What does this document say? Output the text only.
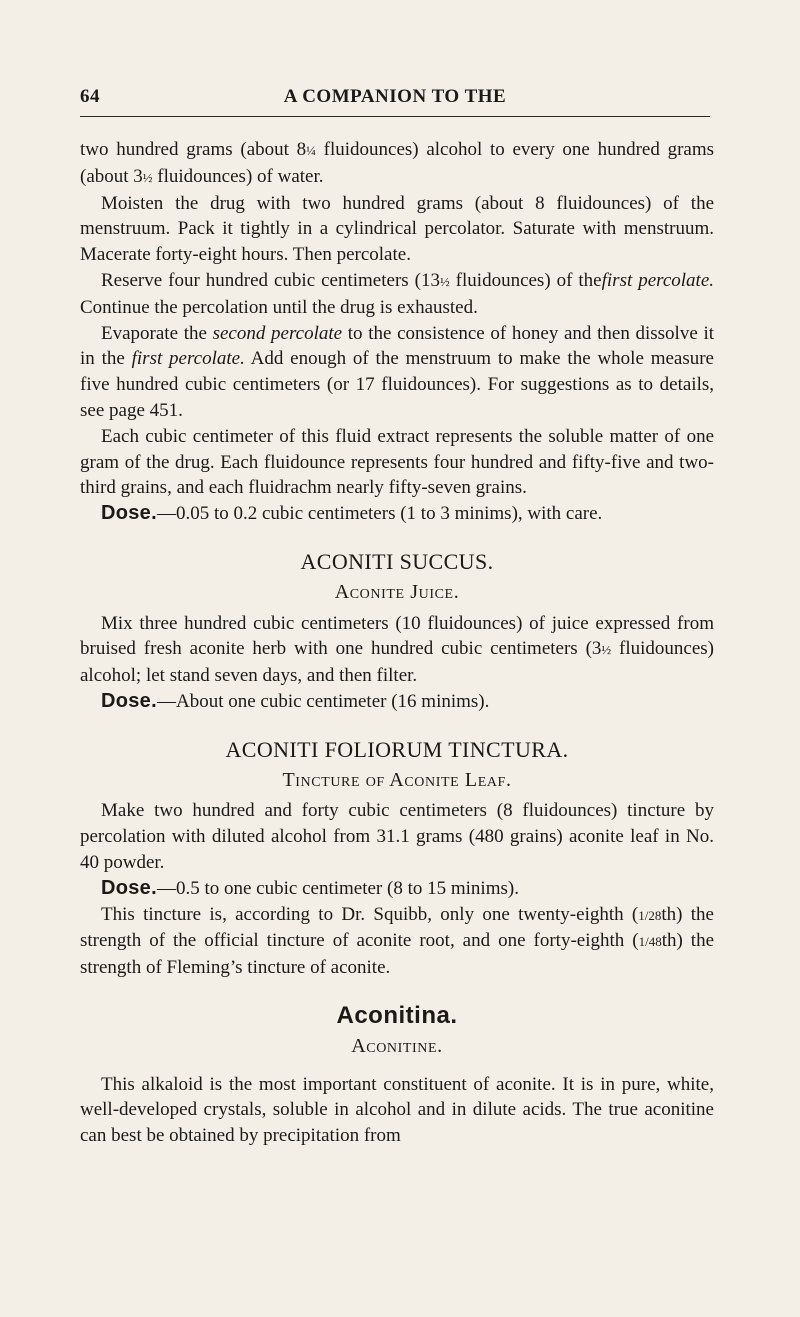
64	A COMPANION TO THE

two hundred grams (about 8¼ fluidounces) alcohol to every one hundred grams (about 3½ fluidounces) of water.

Moisten the drug with two hundred grams (about 8 fluidounces) of the menstruum. Pack it tightly in a cylindrical percolator. Saturate with menstruum. Macerate forty-eight hours. Then percolate.

Reserve four hundred cubic centimeters (13½ fluidounces) of thefirst percolate. Continue the percolation until the drug is exhausted.

Evaporate the second percolate to the consistence of honey and then dissolve it in the first percolate. Add enough of the menstruum to make the whole measure five hundred cubic centimeters (or 17 fluidounces). For suggestions as to details, see page 451.

Each cubic centimeter of this fluid extract represents the soluble matter of one gram of the drug. Each fluidounce represents four hundred and fifty-five and two-third grains, and each fluidrachm nearly fifty-seven grains.

Dose.—0.05 to 0.2 cubic centimeters (1 to 3 minims), with care.

ACONITI SUCCUS.
Aconite Juice.

Mix three hundred cubic centimeters (10 fluidounces) of juice expressed from bruised fresh aconite herb with one hundred cubic centimeters (3½ fluidounces) alcohol; let stand seven days, and then filter.

Dose.—About one cubic centimeter (16 minims).

ACONITI FOLIORUM TINCTURA.
Tincture of Aconite Leaf.

Make two hundred and forty cubic centimeters (8 fluidounces) tincture by percolation with diluted alcohol from 31.1 grams (480 grains) aconite leaf in No. 40 powder.

Dose.—0.5 to one cubic centimeter (8 to 15 minims).

This tincture is, according to Dr. Squibb, only one twenty-eighth (1/28th) the strength of the official tincture of aconite root, and one forty-eighth (1/48th) the strength of Fleming’s tincture of aconite.

Aconitina.
Aconitine.

This alkaloid is the most important constituent of aconite. It is in pure, white, well-developed crystals, soluble in alcohol and in dilute acids. The true aconitine can best be obtained by precipitation from
